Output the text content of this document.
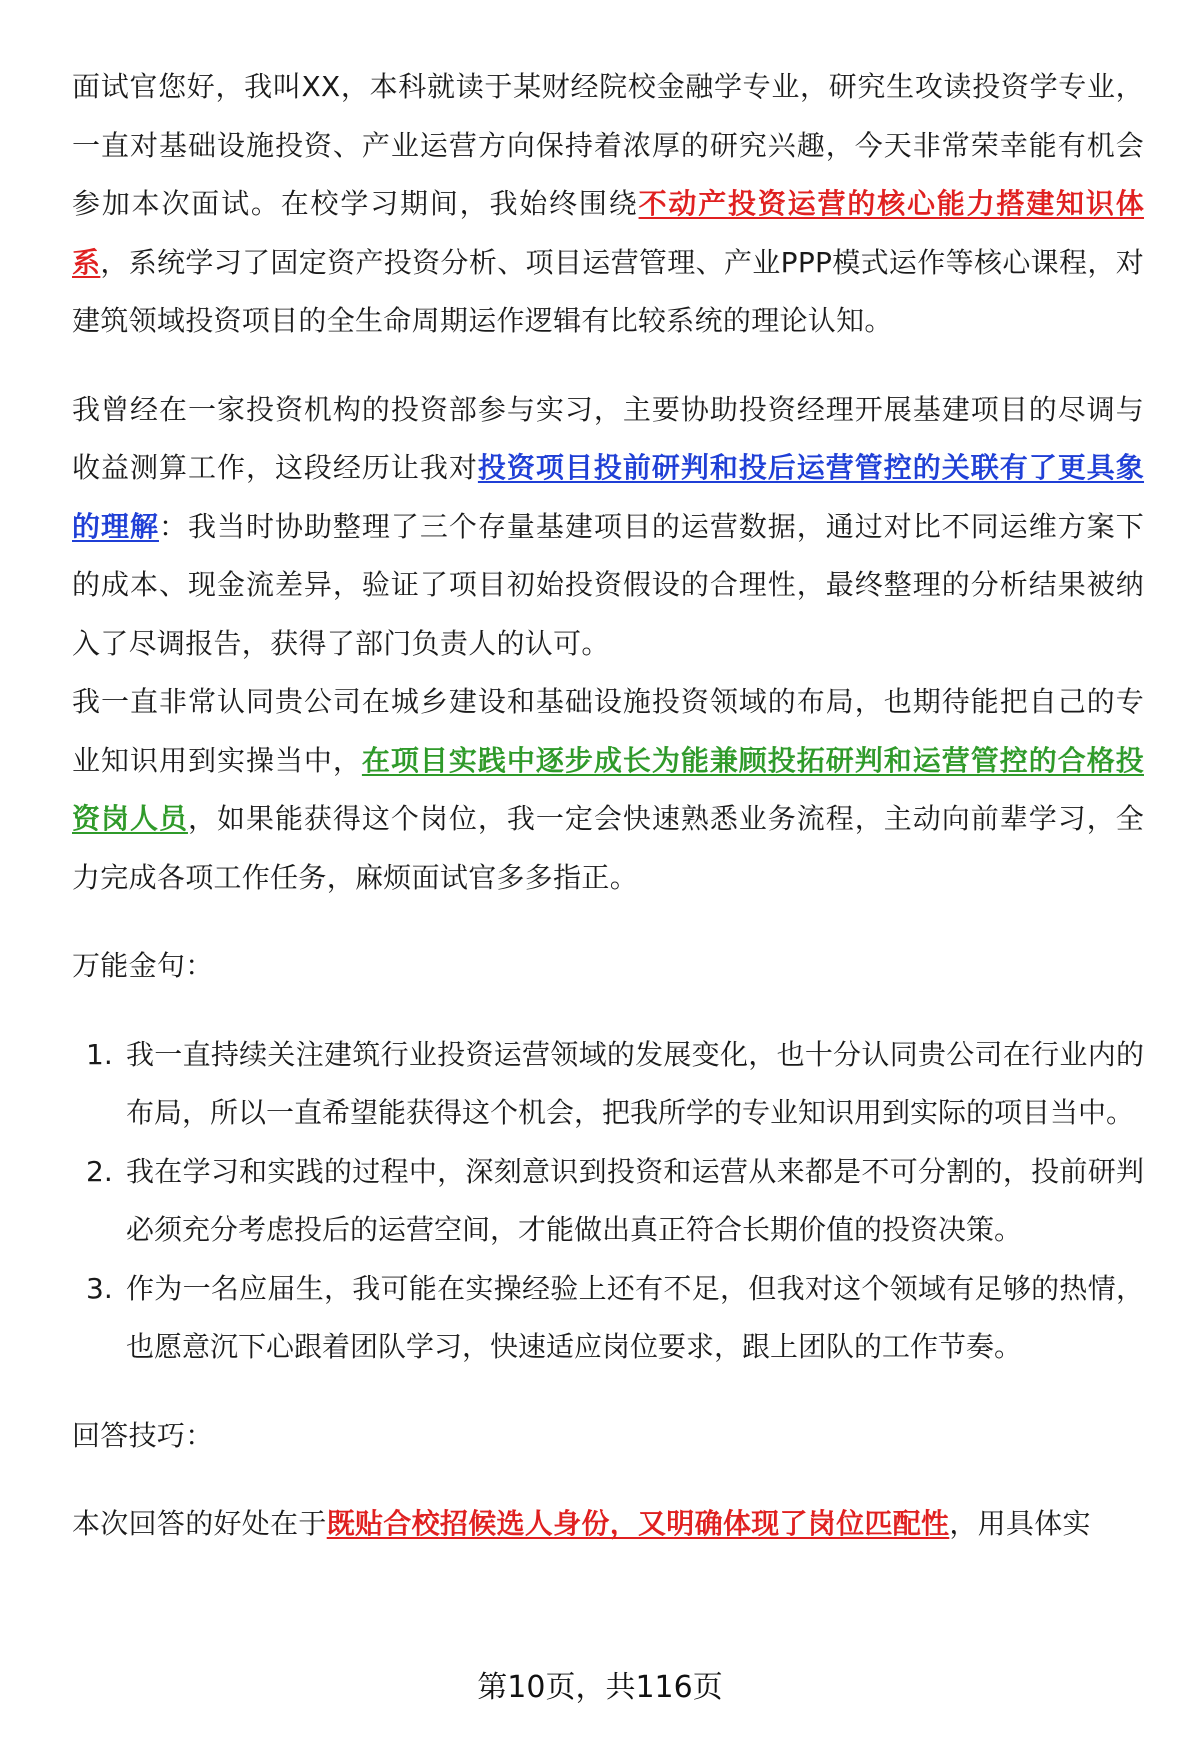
面试官您好，我叫XX，本科就读于某财经院校金融学专业，研究生攻读投资学专业，一直对基础设施投资、产业运营方向保持着浓厚的研究兴趣，今天非常荣幸能有机会参加本次面试。在校学习期间，我始终围绕不动产投资运营的核心能力搭建知识体系，系统学习了固定资产投资分析、项目运营管理、产业PPP模式运作等核心课程，对建筑领域投资项目的全生命周期运作逻辑有比较系统的理论认知。

我曾经在一家投资机构的投资部参与实习，主要协助投资经理开展基建项目的尽调与收益测算工作，这段经历让我对投资项目投前研判和投后运营管控的关联有了更具象的理解：我当时协助整理了三个存量基建项目的运营数据，通过对比不同运维方案下的成本、现金流差异，验证了项目初始投资假设的合理性，最终整理的分析结果被纳入了尽调报告，获得了部门负责人的认可。

我一直非常认同贵公司在城乡建设和基础设施投资领域的布局，也期待能把自己的专业知识用到实操当中，在项目实践中逐步成长为能兼顾投拓研判和运营管控的合格投资岗人员，如果能获得这个岗位，我一定会快速熟悉业务流程，主动向前辈学习，全力完成各项工作任务，麻烦面试官多多指正。

万能金句：

1. 我一直持续关注建筑行业投资运营领域的发展变化，也十分认同贵公司在行业内的布局，所以一直希望能获得这个机会，把我所学的专业知识用到实际的项目当中。
2. 我在学习和实践的过程中，深刻意识到投资和运营从来都是不可分割的，投前研判必须充分考虑投后的运营空间，才能做出真正符合长期价值的投资决策。
3. 作为一名应届生，我可能在实操经验上还有不足，但我对这个领域有足够的热情，也愿意沉下心跟着团队学习，快速适应岗位要求，跟上团队的工作节奏。

回答技巧：

本次回答的好处在于既贴合校招候选人身份，又明确体现了岗位匹配性，用具体实

第10页，共116页
